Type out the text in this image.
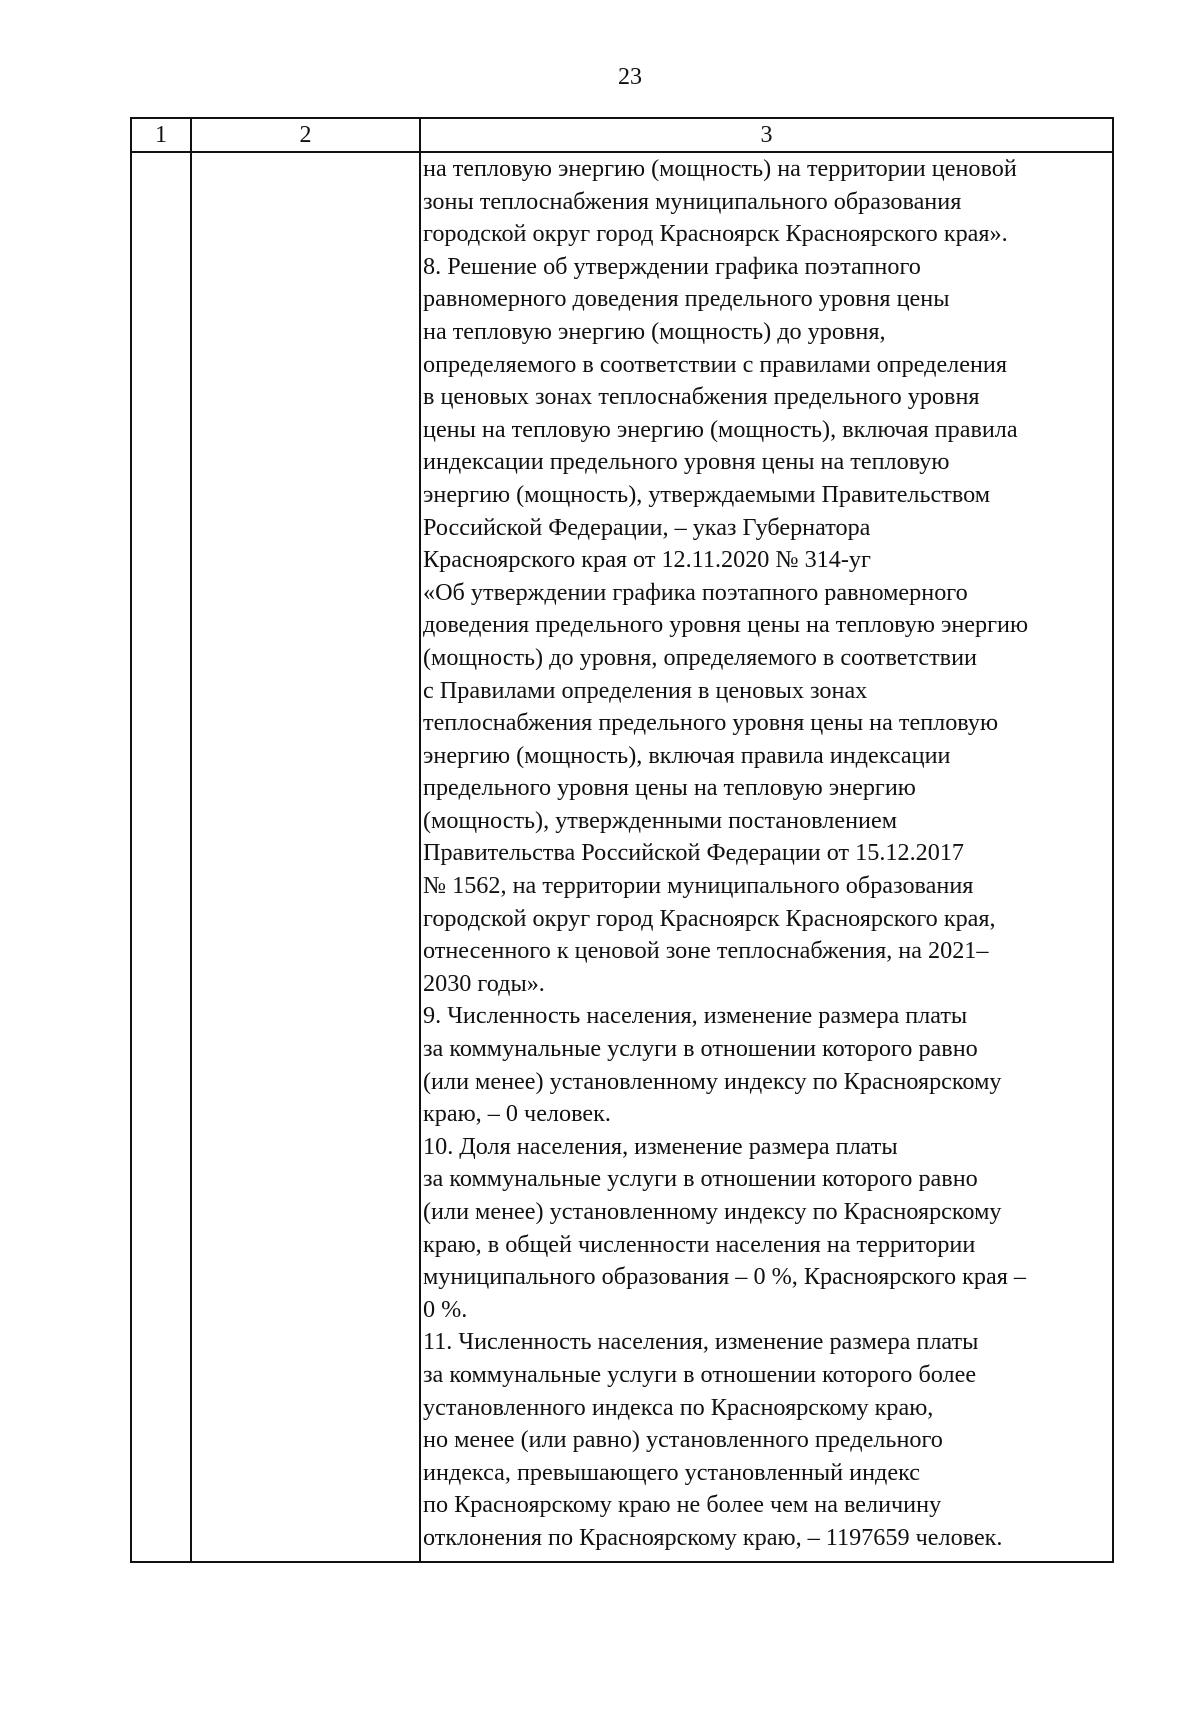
23
1	2	3
на тепловую энергию (мощность) на территории ценовой
зоны теплоснабжения муниципального образования
городской округ город Красноярск Красноярского края».
8. Решение об утверждении графика поэтапного
равномерного доведения предельного уровня цены
на тепловую энергию (мощность) до уровня,
определяемого в соответствии с правилами определения
в ценовых зонах теплоснабжения предельного уровня
цены на тепловую энергию (мощность), включая правила
индексации предельного уровня цены на тепловую
энергию (мощность), утверждаемыми Правительством
Российской Федерации, – указ Губернатора
Красноярского края от 12.11.2020 № 314-уг
«Об утверждении графика поэтапного равномерного
доведения предельного уровня цены на тепловую энергию
(мощность) до уровня, определяемого в соответствии
с Правилами определения в ценовых зонах
теплоснабжения предельного уровня цены на тепловую
энергию (мощность), включая правила индексации
предельного уровня цены на тепловую энергию
(мощность), утвержденными постановлением
Правительства Российской Федерации от 15.12.2017
№ 1562, на территории муниципального образования
городской округ город Красноярск Красноярского края,
отнесенного к ценовой зоне теплоснабжения, на 2021–
2030 годы».
9. Численность населения, изменение размера платы
за коммунальные услуги в отношении которого равно
(или менее) установленному индексу по Красноярскому
краю, – 0 человек.
10. Доля населения, изменение размера платы
за коммунальные услуги в отношении которого равно
(или менее) установленному индексу по Красноярскому
краю, в общей численности населения на территории
муниципального образования – 0 %, Красноярского края –
0 %.
11. Численность населения, изменение размера платы
за коммунальные услуги в отношении которого более
установленного индекса по Красноярскому краю,
но менее (или равно) установленного предельного
индекса, превышающего установленный индекс
по Красноярскому краю не более чем на величину
отклонения по Красноярскому краю, – 1197659 человек.
